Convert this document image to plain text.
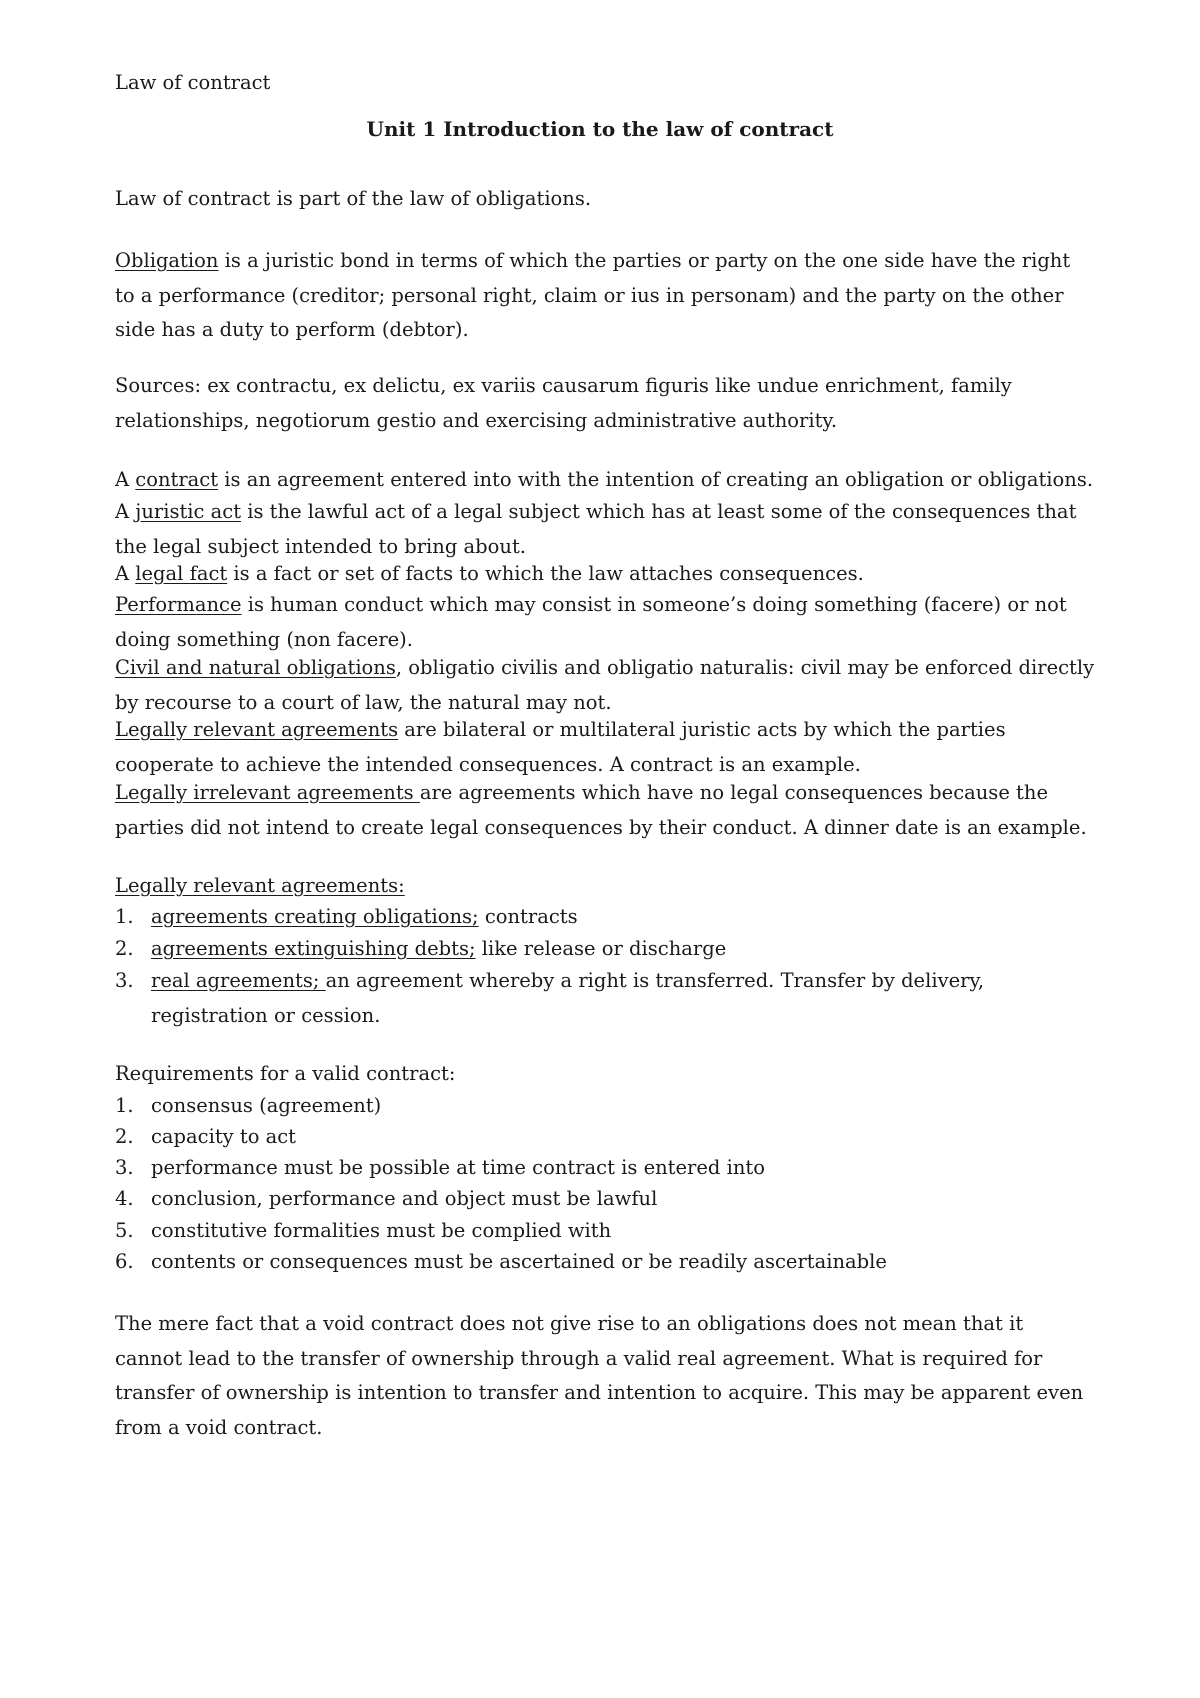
Law of contract
Unit 1 Introduction to the law of contract

Law of contract is part of the law of obligations.

Obligation is a juristic bond in terms of which the parties or party on the one side have the right to a performance (creditor; personal right, claim or ius in personam) and the party on the other side has a duty to perform (debtor).

Sources: ex contractu, ex delictu, ex variis causarum figuris like undue enrichment, family relationships, negotiorum gestio and exercising administrative authority.

A contract is an agreement entered into with the intention of creating an obligation or obligations.

A juristic act is the lawful act of a legal subject which has at least some of the consequences that the legal subject intended to bring about.

A legal fact is a fact or set of facts to which the law attaches consequences.

Performance is human conduct which may consist in someone’s doing something (facere) or not doing something (non facere).

Civil and natural obligations, obligatio civilis and obligatio naturalis: civil may be enforced directly by recourse to a court of law, the natural may not.

Legally relevant agreements are bilateral or multilateral juristic acts by which the parties cooperate to achieve the intended consequences. A contract is an example.

Legally irrelevant agreements are agreements which have no legal consequences because the parties did not intend to create legal consequences by their conduct. A dinner date is an example.

Legally relevant agreements:

1. agreements creating obligations; contracts
2. agreements extinguishing debts; like release or discharge
3. real agreements; an agreement whereby a right is transferred. Transfer by delivery, registration or cession.

Requirements for a valid contract:

1. consensus (agreement)
2. capacity to act
3. performance must be possible at time contract is entered into
4. conclusion, performance and object must be lawful
5. constitutive formalities must be complied with
6. contents or consequences must be ascertained or be readily ascertainable

The mere fact that a void contract does not give rise to an obligations does not mean that it cannot lead to the transfer of ownership through a valid real agreement. What is required for transfer of ownership is intention to transfer and intention to acquire. This may be apparent even from a void contract.
